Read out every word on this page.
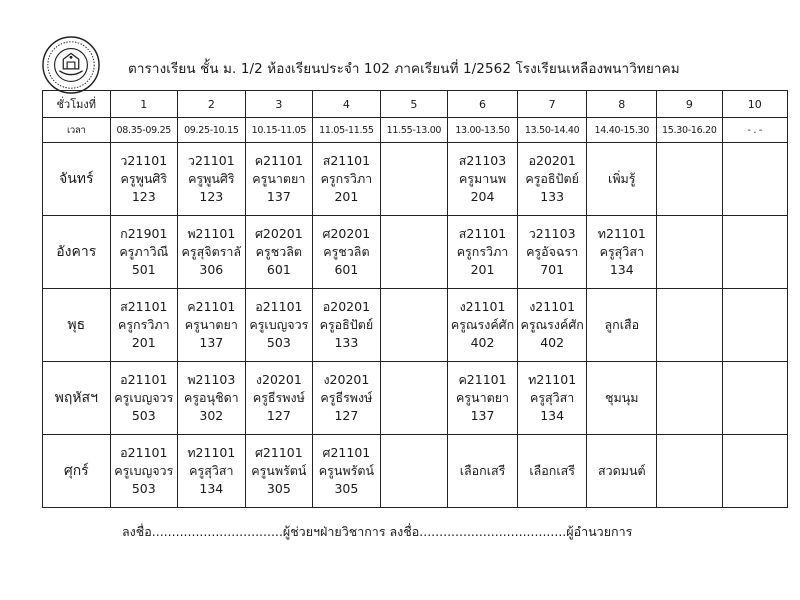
ตารางเรียน ชั้น ม. 1/2 ห้องเรียนประจำ 102 ภาคเรียนที่ 1/2562 โรงเรียนเหลืองพนาวิทยาคม
ชั่วโมงที่	1	2	3	4	5	6	7	8	9	10
เวลา	08.35-09.25	09.25-10.15	10.15-11.05	11.05-11.55	11.55-13.00	13.00-13.50	13.50-14.40	14.40-15.30	15.30-16.20	- . -
จันทร์	ว21101
ครูพูนศิริ
123	ว21101
ครูพูนศิริ
123	ค21101
ครูนาตยา
137	ส21101
ครูกรวิภา
201		ส21103
ครูมานพ
204	อ20201
ครูอธิปัตย์
133	เพิ่มรู้		

อังคาร	ก21901
ครูภาวิณี
501	พ21101
ครูสุจิตราลั
306	ศ20201
ครูชวลิต
601	ศ20201
ครูชวลิต
601		ส21101
ครูกรวิภา
201	ว21103
ครูอัจฉรา
701	ท21101
ครูสุวิสา
134		

พุธ	ส21101
ครูกรวิภา
201	ค21101
ครูนาตยา
137	อ21101
ครูเบญจวร
503	อ20201
ครูอธิปัตย์
133		ง21101
ครูณรงค์ศัก
402	ง21101
ครูณรงค์ศัก
402	ลูกเสือ		

พฤหัสฯ	อ21101
ครูเบญจวร
503	พ21103
ครูอนุชิดา
302	ง20201
ครูธีรพงษ์
127	ง20201
ครูธีรพงษ์
127		ค21101
ครูนาตยา
137	ท21101
ครูสุวิสา
134	ชุมนุม		

ศุกร์	อ21101
ครูเบญจวร
503	ท21101
ครูสุวิสา
134	ศ21101
ครูนพรัตน์
305	ศ21101
ครูนพรัตน์
305		เลือกเสรี	เลือกเสรี	สวดมนต์		

ลงชื่อ.................................ผู้ช่วยฯฝ่ายวิชาการ ลงชื่อ.....................................ผู้อำนวยการ
